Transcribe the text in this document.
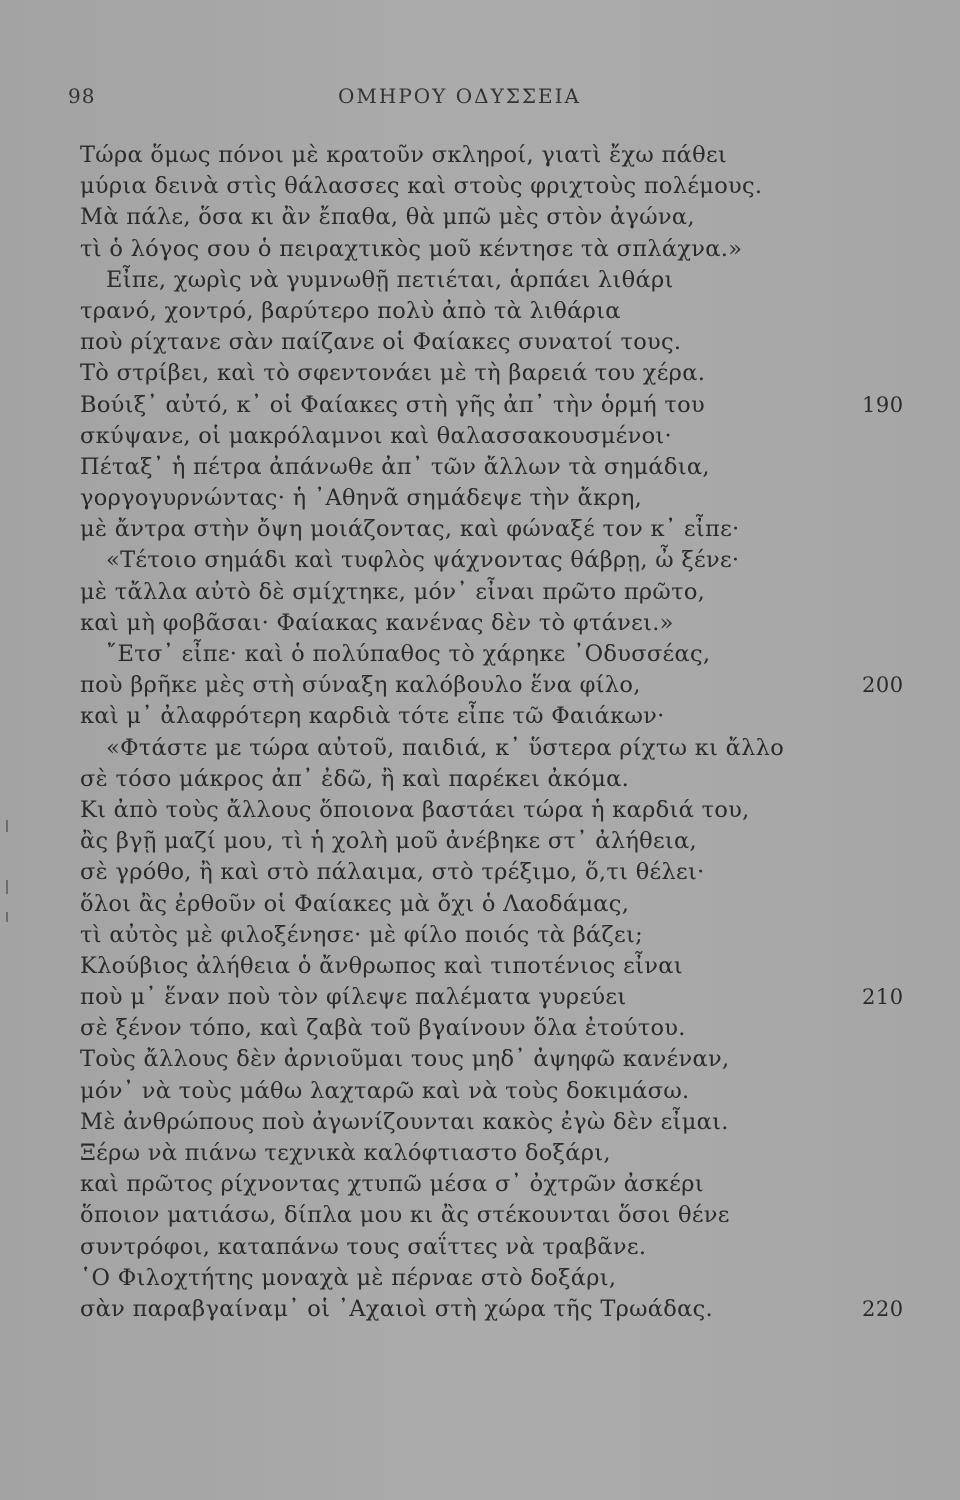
98	ΟΜΗΡΟΥ ΟΔΥΣΣΕΙΑ
Τώρα ὅμως πόνοι μὲ κρατοῦν σκληροί, γιατὶ ἔχω πάθει
μύρια δεινὰ στὶς θάλασσες καὶ στοὺς φριχτοὺς πολέμους.
Μὰ πάλε, ὅσα κι ἂν ἔπαθα, θὰ μπῶ μὲς στὸν ἀγώνα,
τὶ ὁ λόγος σου ὁ πειραχτικὸς μοῦ κέντησε τὰ σπλάχνα.»
Εἶπε, χωρὶς νὰ γυμνωθῇ πετιέται, ἁρπάει λιθάρι
τρανό, χοντρό, βαρύτερο πολὺ ἀπὸ τὰ λιθάρια
ποὺ ρίχτανε σὰν παίζανε οἱ Φαίακες συνατοί τους.
Τὸ στρίβει, καὶ τὸ σφεντονάει μὲ τὴ βαρειά του χέρα.
Βούιξ᾽ αὐτό, κ᾽ οἱ Φαίακες στὴ γῆς ἀπ᾽ τὴν ὁρμή του	190
σκύψανε, οἱ μακρόλαμνοι καὶ θαλασσακουσμένοι·
Πέταξ᾽ ἡ πέτρα ἀπάνωθε ἀπ᾽ τῶν ἄλλων τὰ σημάδια,
γοργογυρνώντας· ἡ ᾽Αθηνᾶ σημάδεψε τὴν ἄκρη,
μὲ ἄντρα στὴν ὄψη μοιάζοντας, καὶ φώναξέ τον κ᾽ εἶπε·
«Τέτοιο σημάδι καὶ τυφλὸς ψάχνοντας θάβρῃ, ὦ ξένε·
μὲ τἄλλα αὐτὸ δὲ σμίχτηκε, μόν᾽ εἶναι πρῶτο πρῶτο,
καὶ μὴ φοβᾶσαι· Φαίακας κανένας δὲν τὸ φτάνει.»
῎Ετσ᾽ εἶπε· καὶ ὁ πολύπαθος τὸ χάρηκε ᾽Οδυσσέας,
ποὺ βρῆκε μὲς στὴ σύναξη καλόβουλο ἕνα φίλο,	200
καὶ μ᾽ ἀλαφρότερη καρδιὰ τότε εἶπε τῶ Φαιάκων·
«Φτάστε με τώρα αὐτοῦ, παιδιά, κ᾽ ὕστερα ρίχτω κι ἄλλο
σὲ τόσο μάκρος ἀπ᾽ ἐδῶ, ἢ καὶ παρέκει ἀκόμα.
Κι ἀπὸ τοὺς ἄλλους ὅποιονα βαστάει τώρα ἡ καρδιά του,
ἂς βγῇ μαζί μου, τὶ ἡ χολὴ μοῦ ἀνέβηκε στ᾽ ἀλήθεια,
σὲ γρόθο, ἢ καὶ στὸ πάλαιμα, στὸ τρέξιμο, ὅ,τι θέλει·
ὅλοι ἂς ἐρθοῦν οἱ Φαίακες μὰ ὄχι ὁ Λαοδάμας,
τὶ αὐτὸς μὲ φιλοξένησε· μὲ φίλο ποιός τὰ βάζει;
Κλούβιος ἀλήθεια ὁ ἄνθρωπος καὶ τιποτένιος εἶναι
ποὺ μ᾽ ἕναν ποὺ τὸν φίλεψε παλέματα γυρεύει	210
σὲ ξένον τόπο, καὶ ζαβὰ τοῦ βγαίνουν ὅλα ἐτούτου.
Τοὺς ἄλλους δὲν ἀρνιοῦμαι τους μηδ᾽ ἀψηφῶ κανέναν,
μόν᾽ νὰ τοὺς μάθω λαχταρῶ καὶ νὰ τοὺς δοκιμάσω.
Μὲ ἀνθρώπους ποὺ ἀγωνίζουνται κακὸς ἐγὼ δὲν εἶμαι.
Ξέρω νὰ πιάνω τεχνικὰ καλόφτιαστο δοξάρι,
καὶ πρῶτος ρίχνοντας χτυπῶ μέσα σ᾽ ὀχτρῶν ἀσκέρι
ὅποιον ματιάσω, δίπλα μου κι ἂς στέκουνται ὅσοι θένε
συντρόφοι, καταπάνω τους σαΐττες νὰ τραβᾶνε.
῾Ο Φιλοχτήτης μοναχὰ μὲ πέρναε στὸ δοξάρι,
σὰν παραβγαίναμ᾽ οἱ ᾽Αχαιοὶ στὴ χώρα τῆς Τρωάδας.	220
